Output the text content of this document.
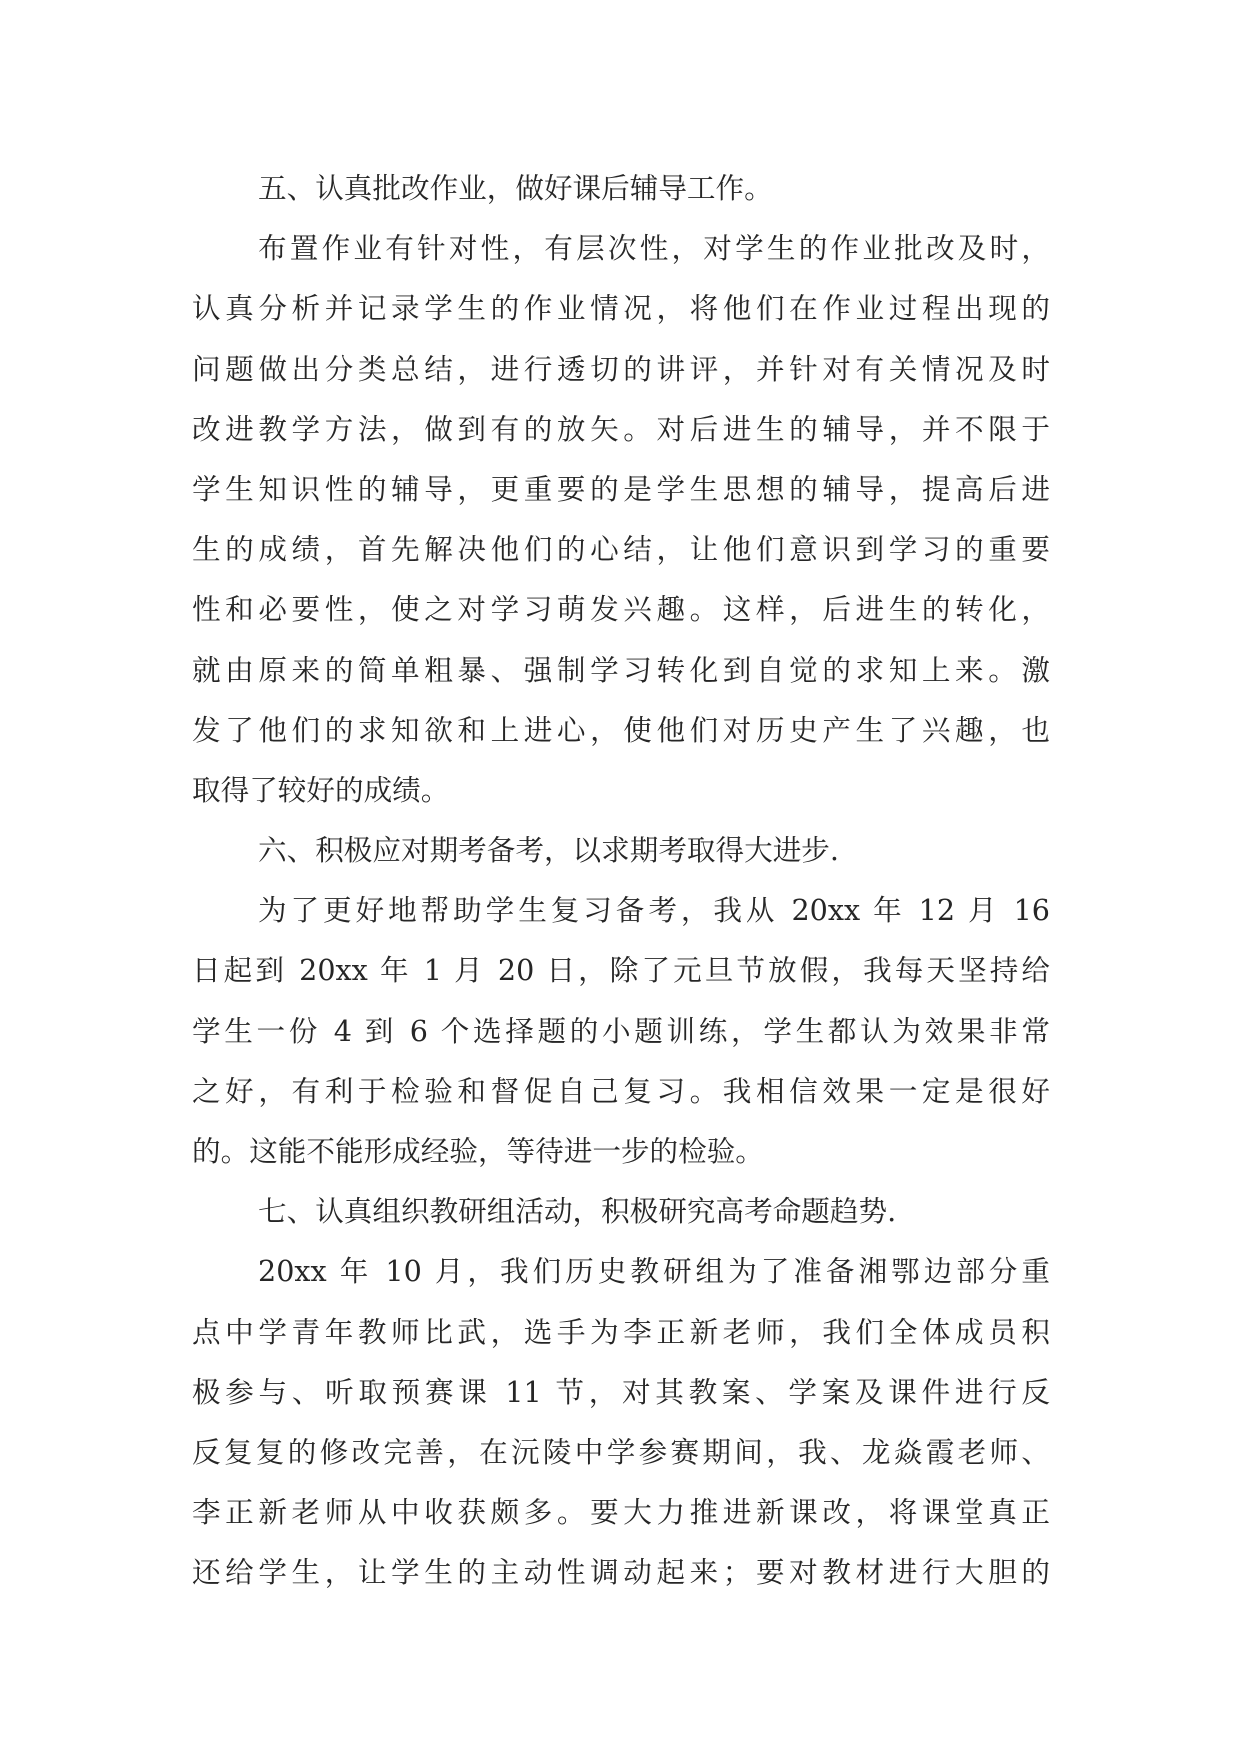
五、认真批改作业，做好课后辅导工作。
布置作业有针对性，有层次性，对学生的作业批改及时，
认真分析并记录学生的作业情况，将他们在作业过程出现的
问题做出分类总结，进行透切的讲评，并针对有关情况及时
改进教学方法，做到有的放矢。对后进生的辅导，并不限于
学生知识性的辅导，更重要的是学生思想的辅导，提高后进
生的成绩，首先解决他们的心结，让他们意识到学习的重要
性和必要性，使之对学习萌发兴趣。这样，后进生的转化，
就由原来的简单粗暴、强制学习转化到自觉的求知上来。激
发了他们的求知欲和上进心，使他们对历史产生了兴趣，也
取得了较好的成绩。
六、积极应对期考备考，以求期考取得大进步.
为了更好地帮助学生复习备考，我从 20xx 年 12 月 16
日起到 20xx 年 1 月 20 日，除了元旦节放假，我每天坚持给
学生一份 4 到 6 个选择题的小题训练，学生都认为效果非常
之好，有利于检验和督促自己复习。我相信效果一定是很好
的。这能不能形成经验，等待进一步的检验。
七、认真组织教研组活动，积极研究高考命题趋势.
20xx 年 10 月，我们历史教研组为了准备湘鄂边部分重
点中学青年教师比武，选手为李正新老师，我们全体成员积
极参与、听取预赛课 11 节，对其教案、学案及课件进行反
反复复的修改完善，在沅陵中学参赛期间，我、龙焱霞老师、
李正新老师从中收获颇多。要大力推进新课改，将课堂真正
还给学生，让学生的主动性调动起来；要对教材进行大胆的
